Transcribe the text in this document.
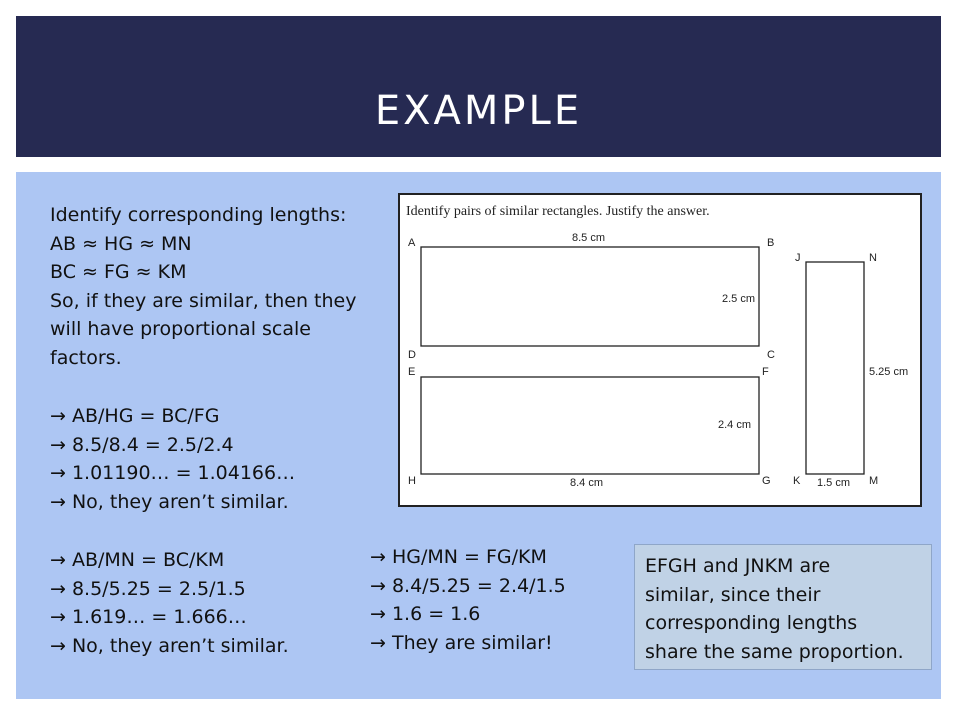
EXAMPLE
Identify corresponding lengths:
AB ≈ HG ≈ MN
BC ≈ FG ≈ KM
So, if they are similar, then they
will have proportional scale
factors.
→ AB/HG = BC/FG
→ 8.5/8.4 = 2.5/2.4
→ 1.01190… = 1.04166…
→ No, they aren’t similar.
→ AB/MN = BC/KM
→ 8.5/5.25 = 2.5/1.5
→ 1.619… = 1.666…
→ No, they aren’t similar.
→ HG/MN = FG/KM
→ 8.4/5.25 = 2.4/1.5
→ 1.6 = 1.6
→ They are similar!
EFGH and JNKM are
similar, since their
corresponding lengths
share the same proportion.
Identify pairs of similar rectangles. Justify the answer.
A	B
C
D
E	F
G
H
J	N
K	M
8.5 cm
2.5 cm
2.4 cm
8.4 cm
5.25 cm
1.5 cm
